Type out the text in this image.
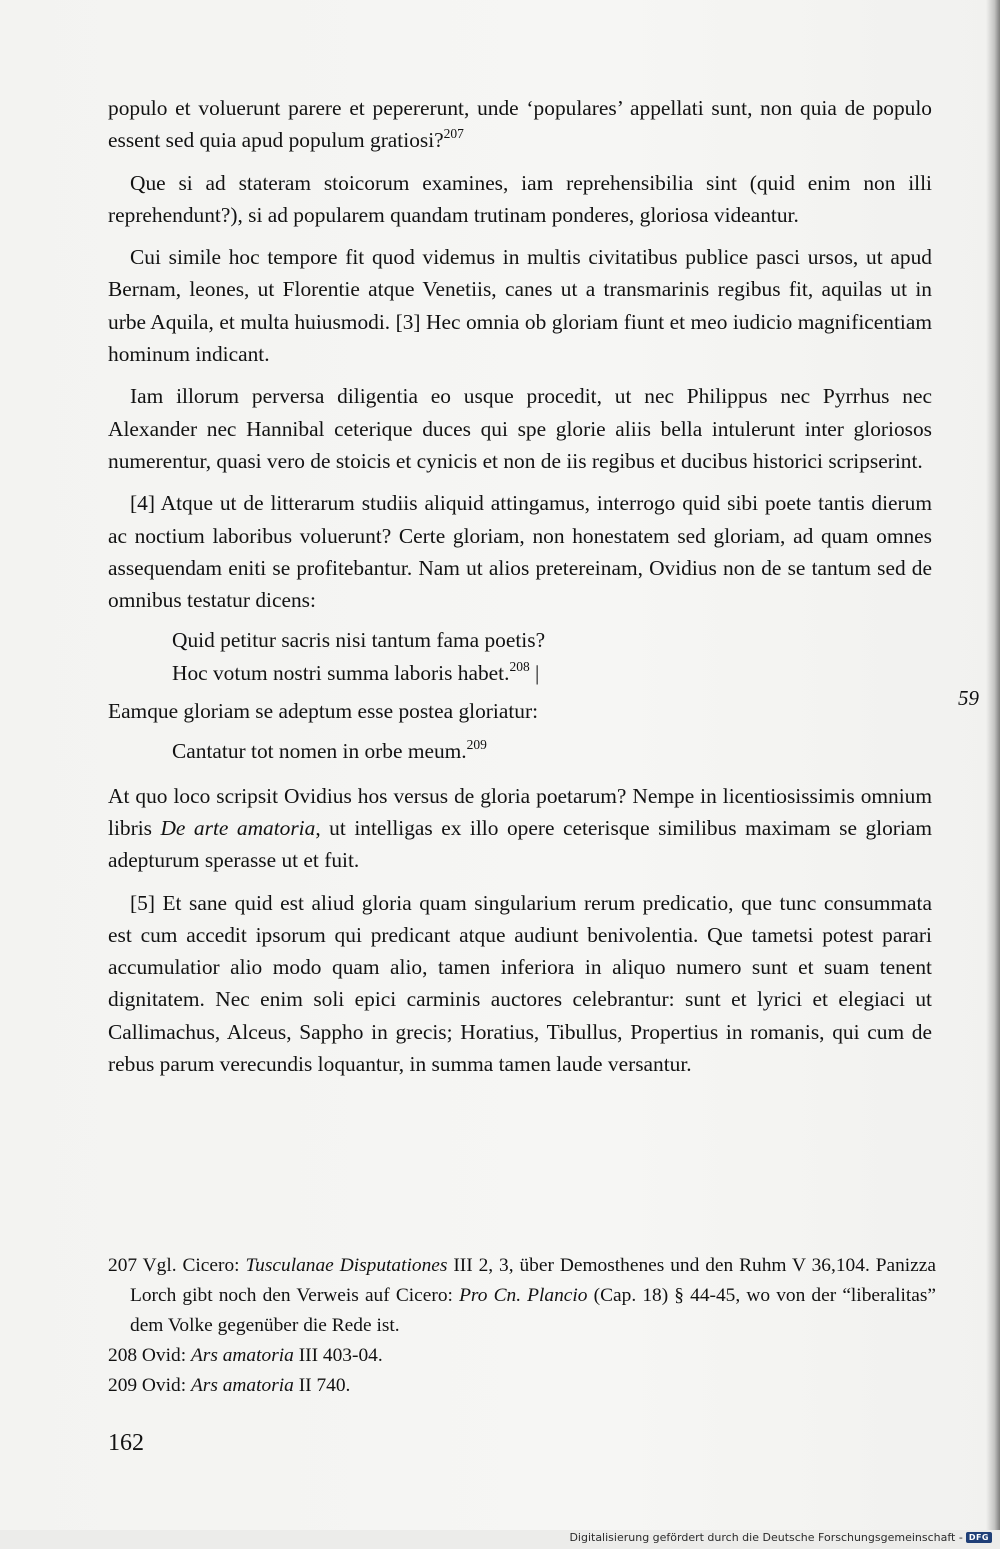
populo et voluerunt parere et pepererunt, unde ‘populares’ appellati sunt, non quia de populo essent sed quia apud populum gratiosi?$^{207}$

Que si ad stateram stoicorum examines, iam reprehensibilia sint (quid enim non illi reprehendunt?), si ad popularem quandam trutinam ponderes, gloriosa videantur.

Cui simile hoc tempore fit quod videmus in multis civitatibus publice pasci ursos, ut apud Bernam, leones, ut Florentie atque Venetiis, canes ut a transmarinis regibus fit, aquilas ut in urbe Aquila, et multa huiusmodi. [3] Hec omnia ob gloriam fiunt et meo iudicio magnificentiam hominum indicant.

Iam illorum perversa diligentia eo usque procedit, ut nec Philippus nec Pyrrhus nec Alexander nec Hannibal ceterique duces qui spe glorie aliis bella intulerunt inter gloriosos numerentur, quasi vero de stoicis et cynicis et non de iis regibus et ducibus historici scripserint.

[4] Atque ut de litterarum studiis aliquid attingamus, interrogo quid sibi poete tantis dierum ac noctium laboribus voluerunt? Certe gloriam, non honestatem sed gloriam, ad quam omnes assequendam eniti se profitebantur. Nam ut alios pretereinam, Ovidius non de se tantum sed de omnibus testatur dicens:

Quid petitur sacris nisi tantum fama poetis?
Hoc votum nostri summa laboris habet.$^{208}$ |

Eamque gloriam se adeptum esse postea gloriatur:

Cantatur tot nomen in orbe meum.$^{209}$

At quo loco scripsit Ovidius hos versus de gloria poetarum? Nempe in licentiosissimis omnium libris De arte amatoria, ut intelligas ex illo opere ceterisque similibus maximam se gloriam adepturum sperasse ut et fuit.

[5] Et sane quid est aliud gloria quam singularium rerum predicatio, que tunc consummata est cum accedit ipsorum qui predicant atque audiunt benivolentia. Que tametsi potest parari accumulatior alio modo quam alio, tamen inferiora in aliquo numero sunt et suam tenent dignitatem. Nec enim soli epici carminis auctores celebrantur: sunt et lyrici et elegiaci ut Callimachus, Alceus, Sappho in grecis; Horatius, Tibullus, Propertius in romanis, qui cum de rebus parum verecundis loquantur, in summa tamen laude versantur.

59

207 Vgl. Cicero: Tusculanae Disputationes III 2, 3, über Demosthenes und den Ruhm V 36,104. Panizza Lorch gibt noch den Verweis auf Cicero: Pro Cn. Plancio (Cap. 18) § 44-45, wo von der “liberalitas” dem Volke gegenüber die Rede ist.

208 Ovid: Ars amatoria III 403-04.

209 Ovid: Ars amatoria II 740.

162
Digitalisierung gefördert durch die Deutsche Forschungsgemeinschaft - DFG
